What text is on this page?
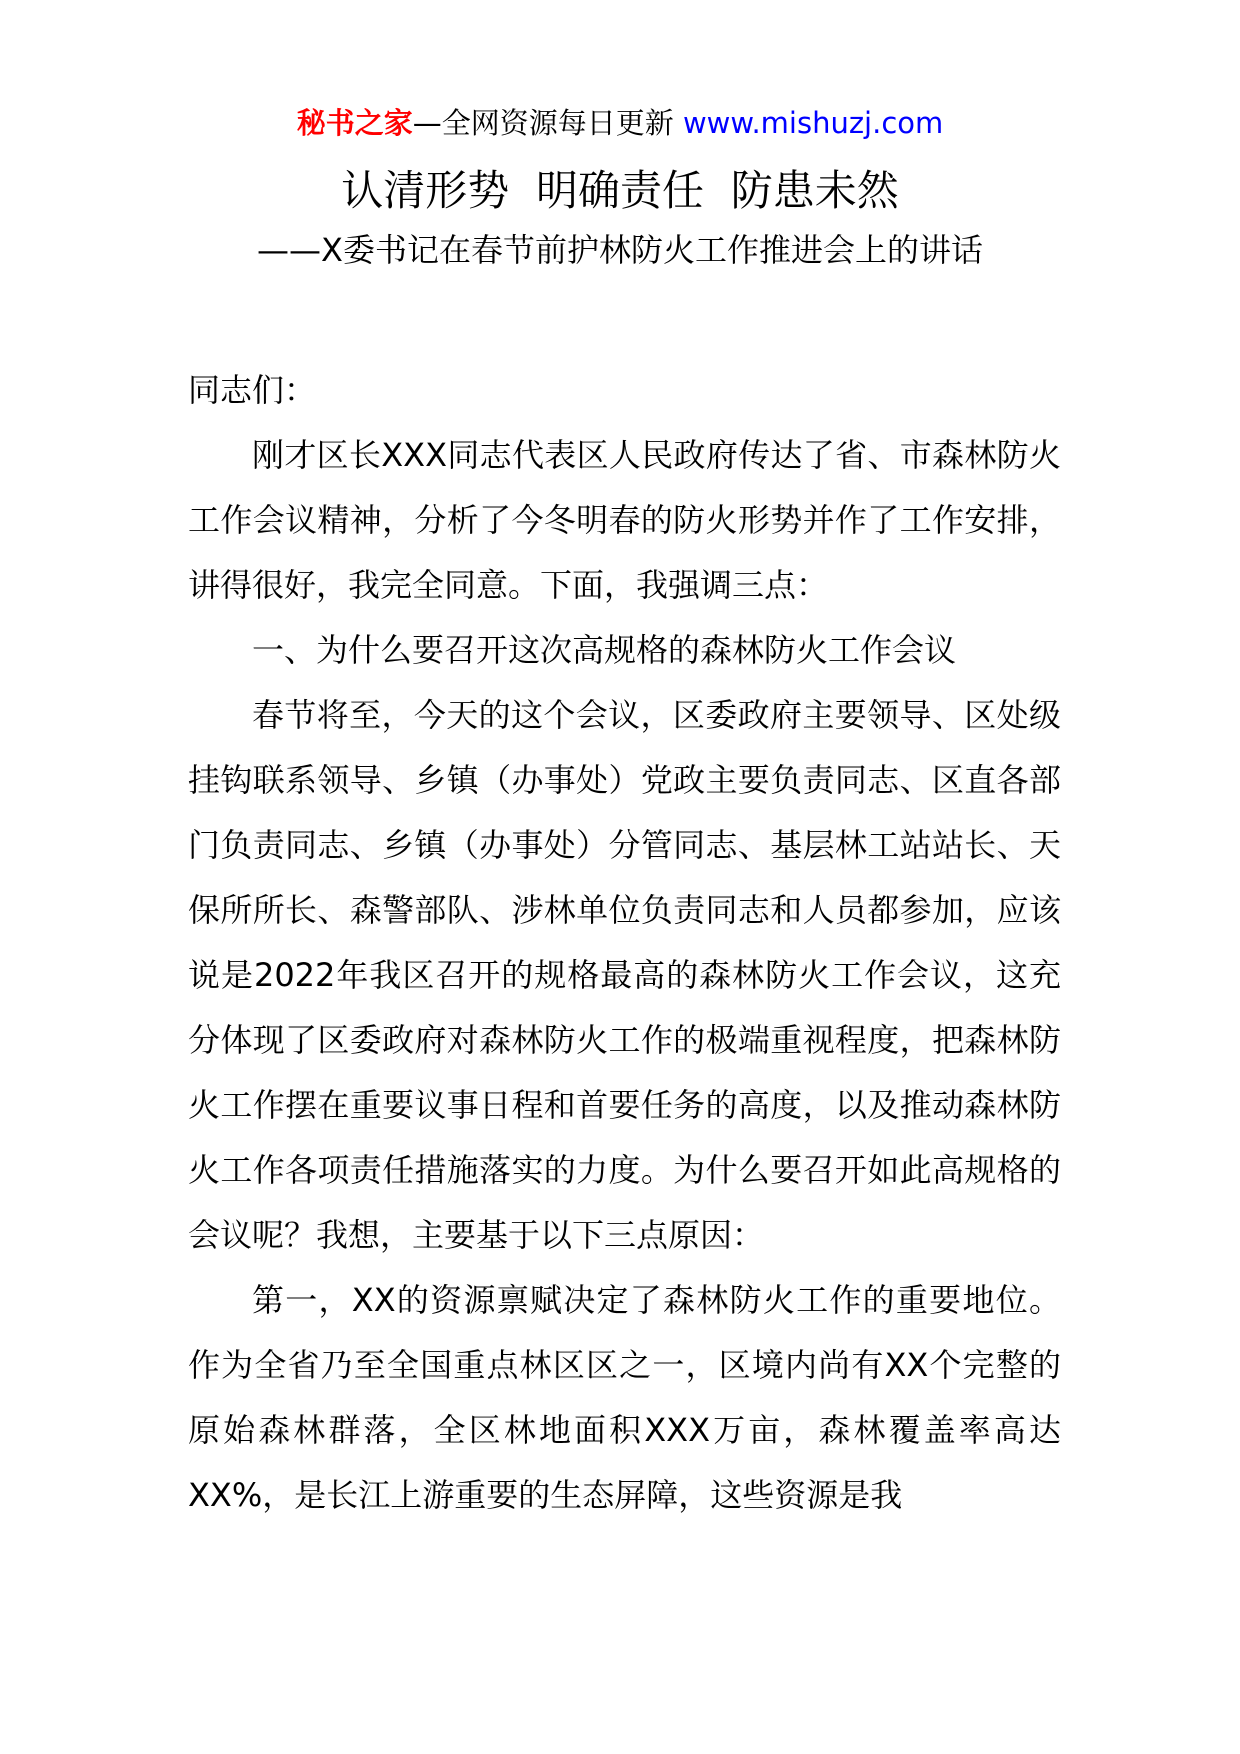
秘书之家—全网资源每日更新 www.mishuzj.com
认清形势  明确责任  防患未然
——X委书记在春节前护林防火工作推进会上的讲话

同志们：

刚才区长XXX同志代表区人民政府传达了省、市森林防火工作会议精神，分析了今冬明春的防火形势并作了工作安排，讲得很好，我完全同意。下面，我强调三点：

一、为什么要召开这次高规格的森林防火工作会议

春节将至，今天的这个会议，区委政府主要领导、区处级挂钩联系领导、乡镇（办事处）党政主要负责同志、区直各部门负责同志、乡镇（办事处）分管同志、基层林工站站长、天保所所长、森警部队、涉林单位负责同志和人员都参加，应该说是2022年我区召开的规格最高的森林防火工作会议，这充分体现了区委政府对森林防火工作的极端重视程度，把森林防火工作摆在重要议事日程和首要任务的高度，以及推动森林防火工作各项责任措施落实的力度。为什么要召开如此高规格的会议呢？我想，主要基于以下三点原因：

第一，XX的资源禀赋决定了森林防火工作的重要地位。作为全省乃至全国重点林区区之一，区境内尚有XX个完整的原始森林群落，全区林地面积XXX万亩，森林覆盖率高达XX%，是长江上游重要的生态屏障，这些资源是我
